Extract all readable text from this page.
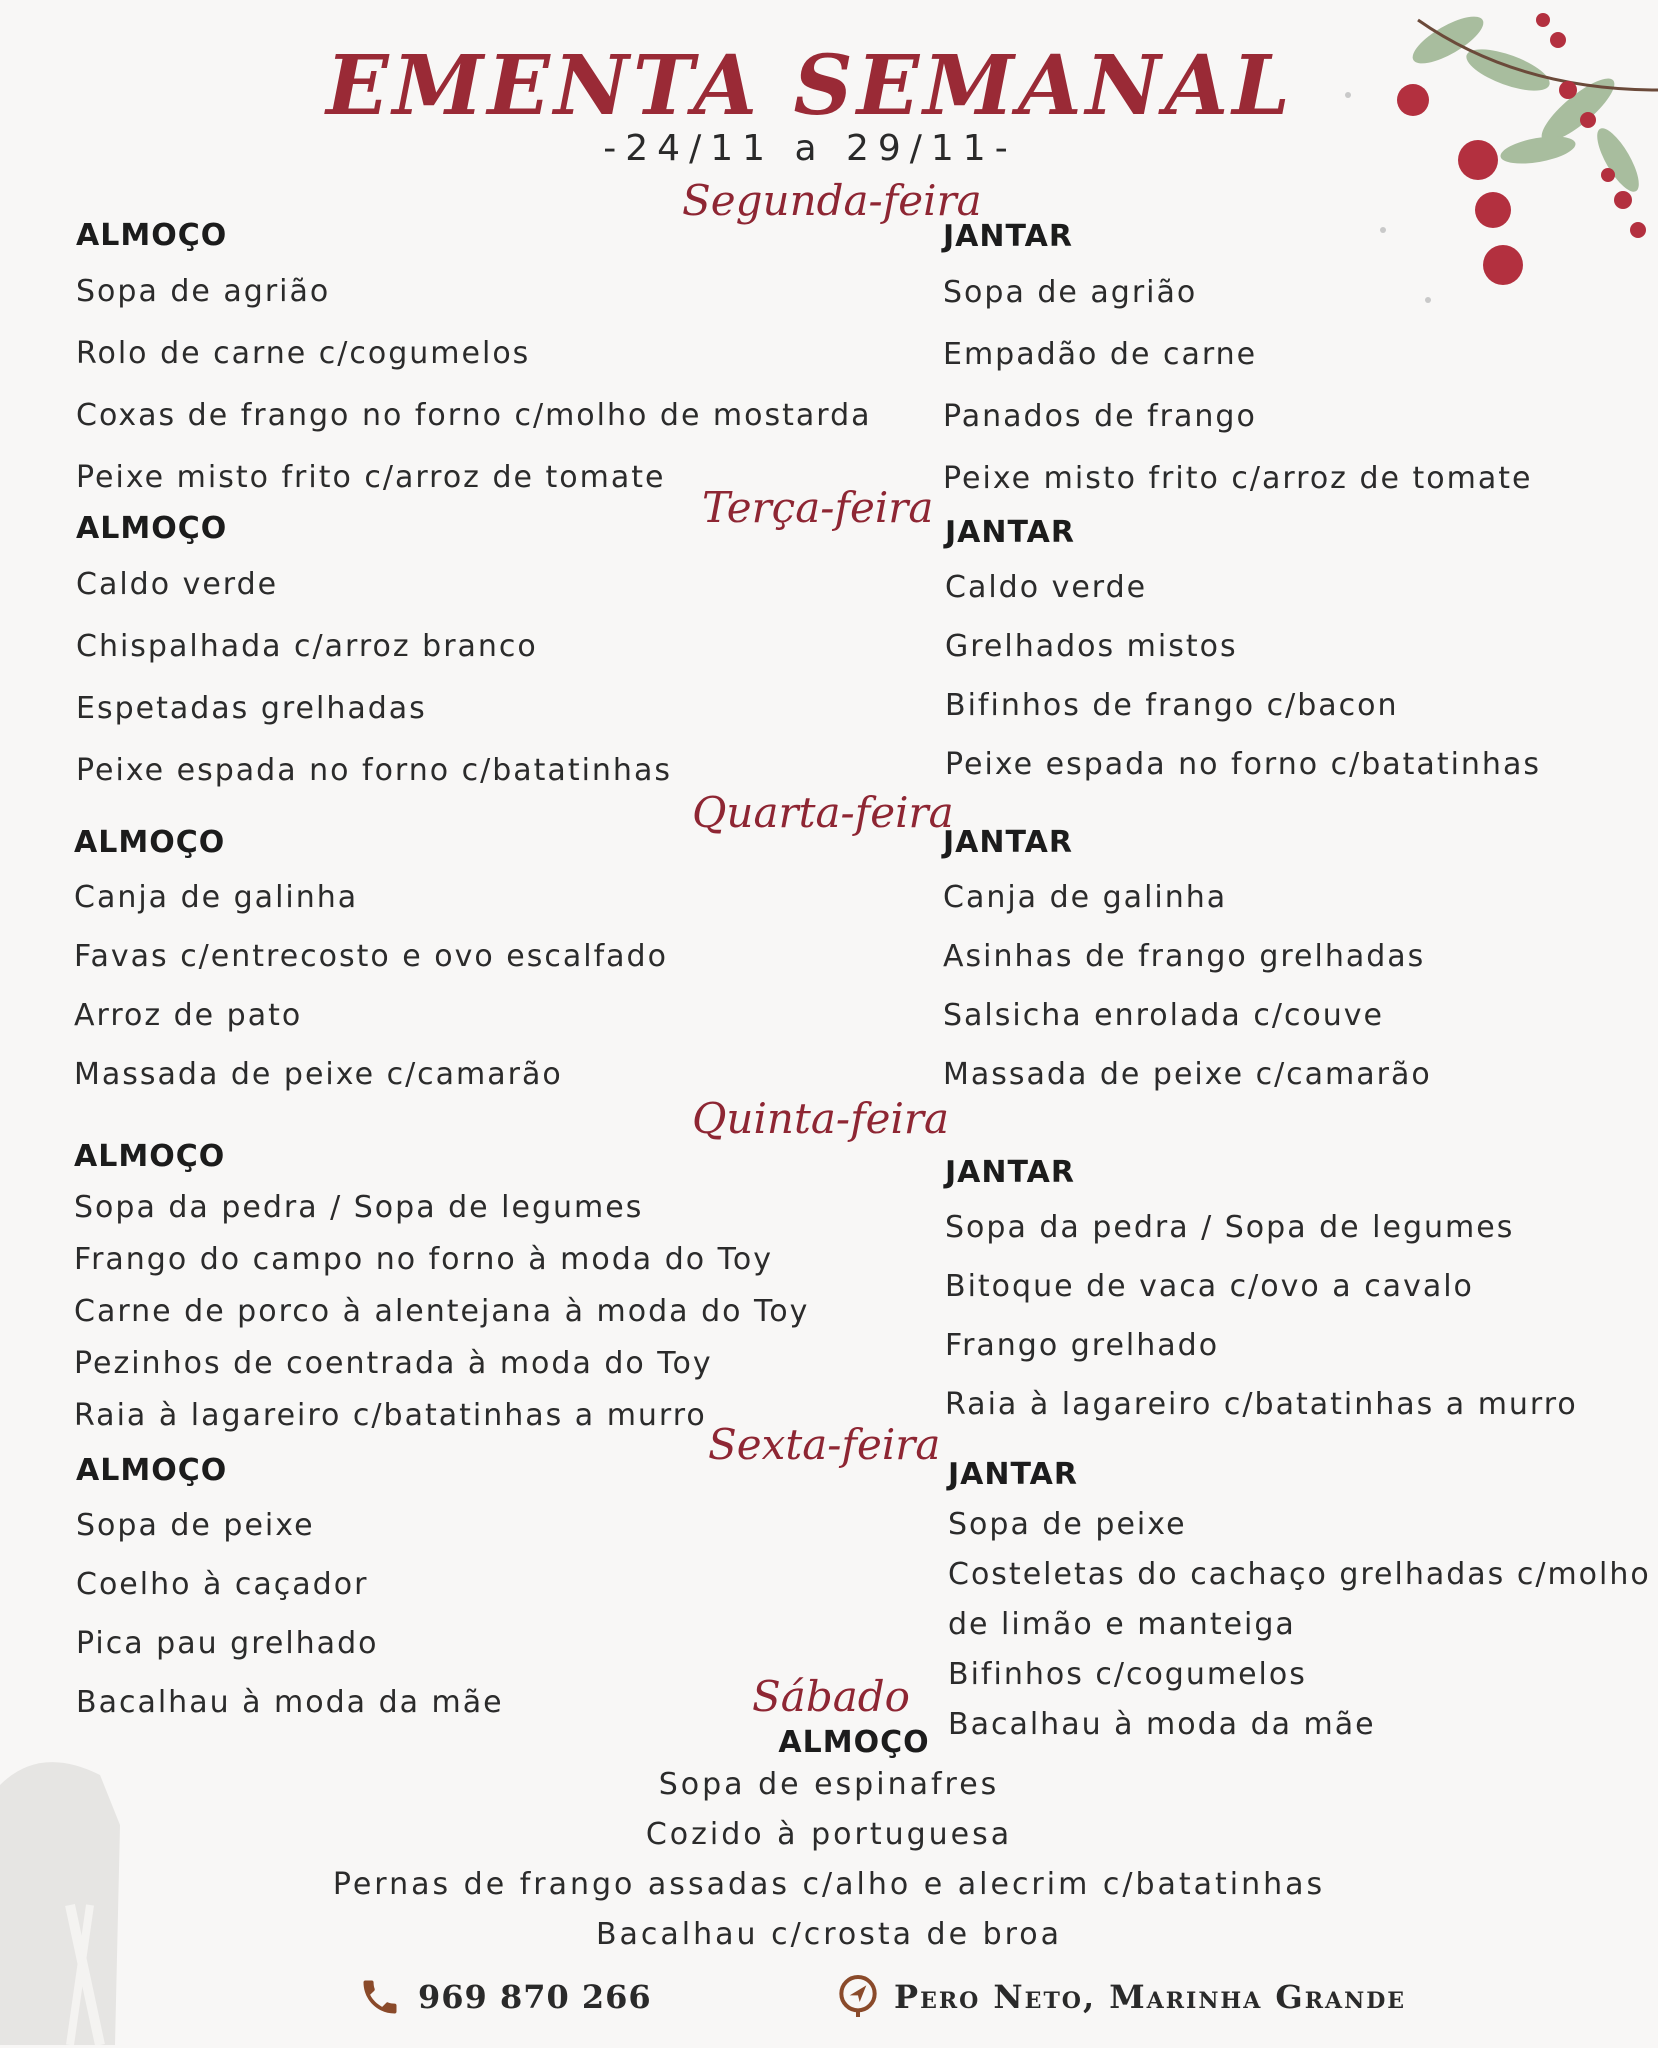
EMENTA SEMANAL
-24/11 a 29/11-
Segunda-feira
ALMOÇO
Sopa de agrião
Rolo de carne c/cogumelos
Coxas de frango no forno c/molho de mostarda
Peixe misto frito c/arroz de tomate
JANTAR
Sopa de agrião
Empadão de carne
Panados de frango
Peixe misto frito c/arroz de tomate
Terça-feira
ALMOÇO
Caldo verde
Chispalhada c/arroz branco
Espetadas grelhadas
Peixe espada no forno c/batatinhas
JANTAR
Caldo verde
Grelhados mistos
Bifinhos de frango c/bacon
Peixe espada no forno c/batatinhas
Quarta-feira
ALMOÇO
Canja de galinha
Favas c/entrecosto e ovo escalfado
Arroz de pato
Massada de peixe c/camarão
JANTAR
Canja de galinha
Asinhas de frango grelhadas
Salsicha enrolada c/couve
Massada de peixe c/camarão
Quinta-feira
ALMOÇO
Sopa da pedra / Sopa de legumes
Frango do campo no forno à moda do Toy
Carne de porco à alentejana à moda do Toy
Pezinhos de coentrada à moda do Toy
Raia à lagareiro c/batatinhas a murro
JANTAR
Sopa da pedra / Sopa de legumes
Bitoque de vaca c/ovo a cavalo
Frango grelhado
Raia à lagareiro c/batatinhas a murro
Sexta-feira
ALMOÇO
Sopa de peixe
Coelho à caçador
Pica pau grelhado
Bacalhau à moda da mãe
JANTAR
Sopa de peixe
Costeletas do cachaço grelhadas c/molho
de limão e manteiga
Bifinhos c/cogumelos
Bacalhau à moda da mãe
Sábado
ALMOÇO
Sopa de espinafres
Cozido à portuguesa
Pernas de frango assadas c/alho e alecrim c/batatinhas
Bacalhau c/crosta de broa
969 870 266	Pero Neto, Marinha Grande
